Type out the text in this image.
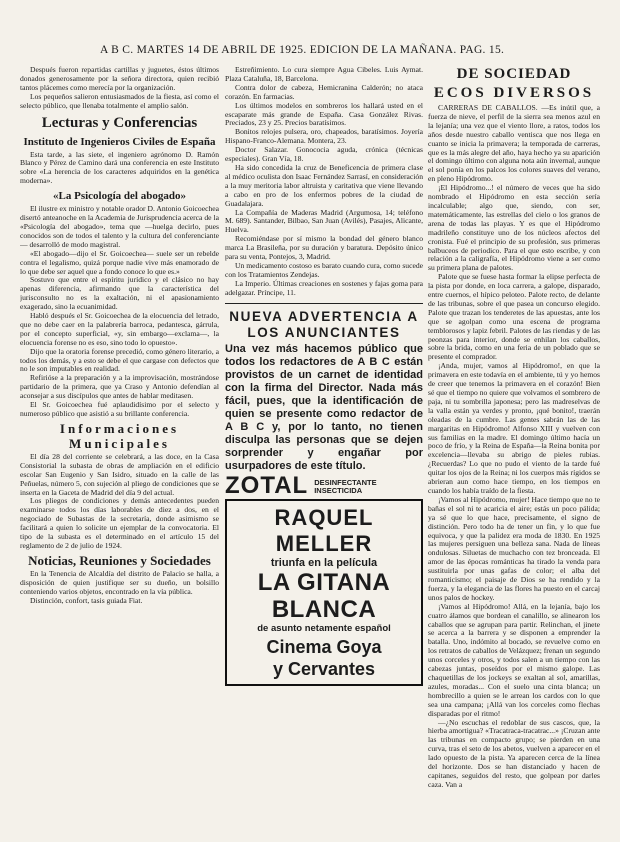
A B C. MARTES 14 DE ABRIL DE 1925. EDICION DE LA MAÑANA. PAG. 15.

Después fueron repartidas cartillas y juguetes, éstos últimos donados generosamente por la señora directora, quien recibió tantos plácemes como merecía por la organización.

Los pequeños salieron entusiasmados de la fiesta, así como el selecto público, que llenaba totalmente el amplio salón.

Lecturas y Conferencias
Instituto de Ingenieros Civiles de España

Esta tarde, a las siete, el ingeniero agrónomo D. Ramón Blanco y Pérez de Camino dará una conferencia en este Instituto sobre «La herencia de los caracteres adquiridos en la genética moderna».

«La Psicología del abogado»

El ilustre ex ministro y notable orador D. Antonio Goicoechea disertó anteanoche en la Academia de Jurisprudencia acerca de la «Psicología del abogado», tema que —huelga decirlo, pues conocidos son de todos el talento y la cultura del conferenciante— desarrolló de modo magistral.

«El abogado—dijo el Sr. Goicoechea— suele ser un rebelde contra el legalismo, quizá porque nadie vive más enamorado de lo que debe ser aquel que a fondo conoce lo que es.»

Sostuvo que entre el espíritu jurídico y el clásico no hay apenas diferencia, afirmando que la característica del jurisconsulto no es la exaltación, ni el apasionamiento exagerado, sino la ecuanimidad.

Habló después el Sr. Goicoechea de la elocuencia del letrado, que no debe caer en la palabrería barroca, pedantesca, gárrula, por el concepto superficial, «y, sin embargo—exclama—, la elocuencia forense no es eso, sino todo lo opuesto».

Dijo que la oratoria forense precedió, como género literario, a todos los demás, y a esto se debe el que cargase con defectos que no le son imputables en realidad.

Refirióse a la preparación y a la improvisación, mostrándose partidario de la primera, que ya Craso y Antonio defendían al aconsejar a sus discípulos que antes de hablar meditasen.

El Sr. Goicoechea fué aplaudidísimo por el selecto y numeroso público que asistió a su brillante conferencia.

Informaciones Municipales

El día 28 del corriente se celebrará, a las doce, en la Casa Consistorial la subasta de obras de ampliación en el edificio escolar San Eugenio y San Isidro, situado en la calle de las Peñuelas, número 5, con sujeción al pliego de condiciones que se inserta en la Gaceta de Madrid del día 9 del actual.

Los pliegos de condiciones y demás antecedentes pueden examinarse todos los días laborables de diez a dos, en el negociado de Subastas de la secretaría, donde asimismo se facilitará a quien lo solicite un ejemplar de la convocatoria. El tipo de la subasta es el determinado en el artículo 15 del reglamento de 2 de julio de 1924.

Noticias, Reuniones y Sociedades

En la Tenencia de Alcaldía del distrito de Palacio se halla, a disposición de quien justifique ser su dueño, un bolsillo conteniendo varios objetos, encontrado en la vía pública.

Distinción, confort, tasis guiada Fiat.

Estreñimiento. Lo cura siempre Agua Cibeles. Luis Aymat. Plaza Cataluña, 18, Barcelona.

Contra dolor de cabeza, Hemicranina Calderón; no ataca corazón. En farmacias.

Los últimos modelos en sombreros los hallará usted en el escaparate más grande de España. Casa González Rivas. Preciados, 23 y 25. Precios baratísimos.

Bonitos relojes pulsera, oro, chapeados, baratísimos. Joyería Hispano-Franco-Alemana. Montera, 23.

Doctor Salazar. Gonococia aguda, crónica (técnicas especiales). Gran Vía, 18.

Ha sido concedida la cruz de Beneficencia de primera clase al médico oculista don Isaac Fernández Sarrasí, en consideración a la muy meritoria labor altruista y caritativa que viene llevando a cabo en pro de los enfermos pobres de la ciudad de Guadalajara.

La Compañía de Maderas Madrid (Argumosa, 14; teléfono M. 689). Santander, Bilbao, San Juan (Avilés), Pasajes, Alicante, Huelva.

Recomiéndase por sí mismo la bondad del género blanco marca La Brasileña, por su duración y baratura. Depósito único para su venta, Pontejos, 3, Madrid.

Un medicamento costoso es barato cuando cura, como sucede con los Tratamientos Zendejas.

La Imperio. Últimas creaciones en sostenes y fajas goma para adelgazar. Príncipe, 11.

NUEVA ADVERTENCIA A LOS ANUNCIANTES
Una vez más hacemos público que todos los redactores de A B C están provistos de un carnet de identidad con la firma del Director. Nada más fácil, pues, que la identificación de quien se presente como redactor de A B C y, por lo tanto, no tienen disculpa las personas que se dejen sorprender y engañar por usurpadores de este título.
ZOTAL DESINFECTANTE
INSECTICIDA
RAQUEL MELLER
triunfa en la película
LA GITANA BLANCA
de asunto netamente español
Cinema Goya
y Cervantes
DE SOCIEDAD
ECOS DIVERSOS

CARRERAS DE CABALLOS. —Es inútil que, a fuerza de nieve, el perfil de la sierra sea menos azul en la lejanía; una vez que el viento llore, a ratos, todos los años desde nuestro caballo ventisca que nos llega en cuanto se inicia la primavera; la temporada de carreras, que es la más alegre del año, haya hecho ya su aparición el domingo último con alguna nota aún invernal, aunque el sol ponía en los palcos los colores suaves del verano, en pleno Hipódromo.

¡El Hipódromo...! el número de veces que ha sido nombrado el Hipódromo en esta sección sería incalculable; algo que, siendo, con ser, matemáticamente, las estrellas del cielo o los granos de arena de todas las playas. Y es que el Hipódromo madrileño constituye uno de los núcleos afectos del cronista. Fué el principio de su profesión, sus primeras balbuceos de periodico. Para el que esto escribe, y con relación a la caligrafía, el Hipódromo viene a ser como su primera plana de palotes.

Palote que se fuese hasta formar la elipse perfecta de la pista por donde, en loca carrera, a galope, disparado, entre cuernos, el hípico peloteo. Palote recto, de delante de las tribunas, sobre el que pasea un concurso elegido. Palote que trazan los tenderetes de las apuestas, ante los que se agolpan como una escena de programa temblorosos y lapiz febril. Palotes de las riendas y de las peonzas para interior, donde se enhilan los caballos, sobre la brida, como en una feria de un poblado que se presente el comprador.

¡Anda, mujer, vamos al Hipódromo!, en que la primavera en este todavía en el ambiente, tú y yo hemos de creer que tenemos la primavera en el corazón! Bien sé que el tiempo no quiere que volvamos el sombrero de paja, ni tu sombrilla japonesa; pero las madreselvas de la valla están ya verdes y pronto, ¡qué bonito!, traerán oleadas de la cumbre. Las gentes sabrán las de las margaritas en Hipódromo! Alfonso XIII y vuelven con sus familias en la madre. El domingo último hacía un poco de frío, y la Reina de España—la Reina bonita por excelencia—llevaba su abrigo de pieles rubias. ¿Recuerdas? Lo que no pudo el viento de la tarde fué quitar los ojos de la Reina; ni los cuerpos más rígidos se abrieran aun como hace tiempo, en los tiempos en cuando los había traído de la fiesta.

¡Vamos al Hipódromo, mujer! Hace tiempo que no te bañas el sol ni te acaricia el aire; estás un poco pálida; ya sé que lo que hace, precisamente, el signo de distinción. Pero todo ha de tener un fin, y lo que fue equivoca, y que la palidez era moda de 1830. En 1925 las mujeres persiguen una belleza sana. Nada de líneas ondulosas. Siluetas de muchacho con tez bronceada. El amor de las épocas románticas ha tirado la venda para sustituirla por unas gafas de color; el alba del romanticismo; el paisaje de Dios se ha rendido y la fuerza, y la elegancia de las flores ha puesto en el carcaj unos palos de hockey.

¡Vamos al Hipódromo! Allá, en la lejanía, bajo los cuatro álamos que bordean el canalillo, se alinearon los caballos que se agrupan para partir. Relinchan, el jinete se acerca a la barrera y se disponen a emprender la batalla. Uno, indómito al bocado, se revuelve como en los retratos de caballos de Velázquez; frenan un segundo unos corceles y otros, y todos salen a un tiempo con las cabezas juntas, poseídos por el mismo galope. Las chaquetillas de los jockeys se exaltan al sol, amarillas, azules, moradas... Con el suelo una cinta blanca; un hombrecillo a quien se le arrean los cardos con lo que sea una campana; ¡Allá van los corceles como flechas disparadas por el ritmo!

—¿No escuchas el redoblar de sus cascos, que, la hierba amortigua? «Tracatraca-tracatrac...» ¡Cruzan ante las tribunas en compacto grupo; se pierden en una curva, tras el seto de los abetos, vuelven a aparecer en el lado opuesto de la pista. Ya aparecen cerca de la línea del horizonte. Dos se han distanciado y hacen de capitanes, seguidos del resto, que golpean por darles caza. Van a
